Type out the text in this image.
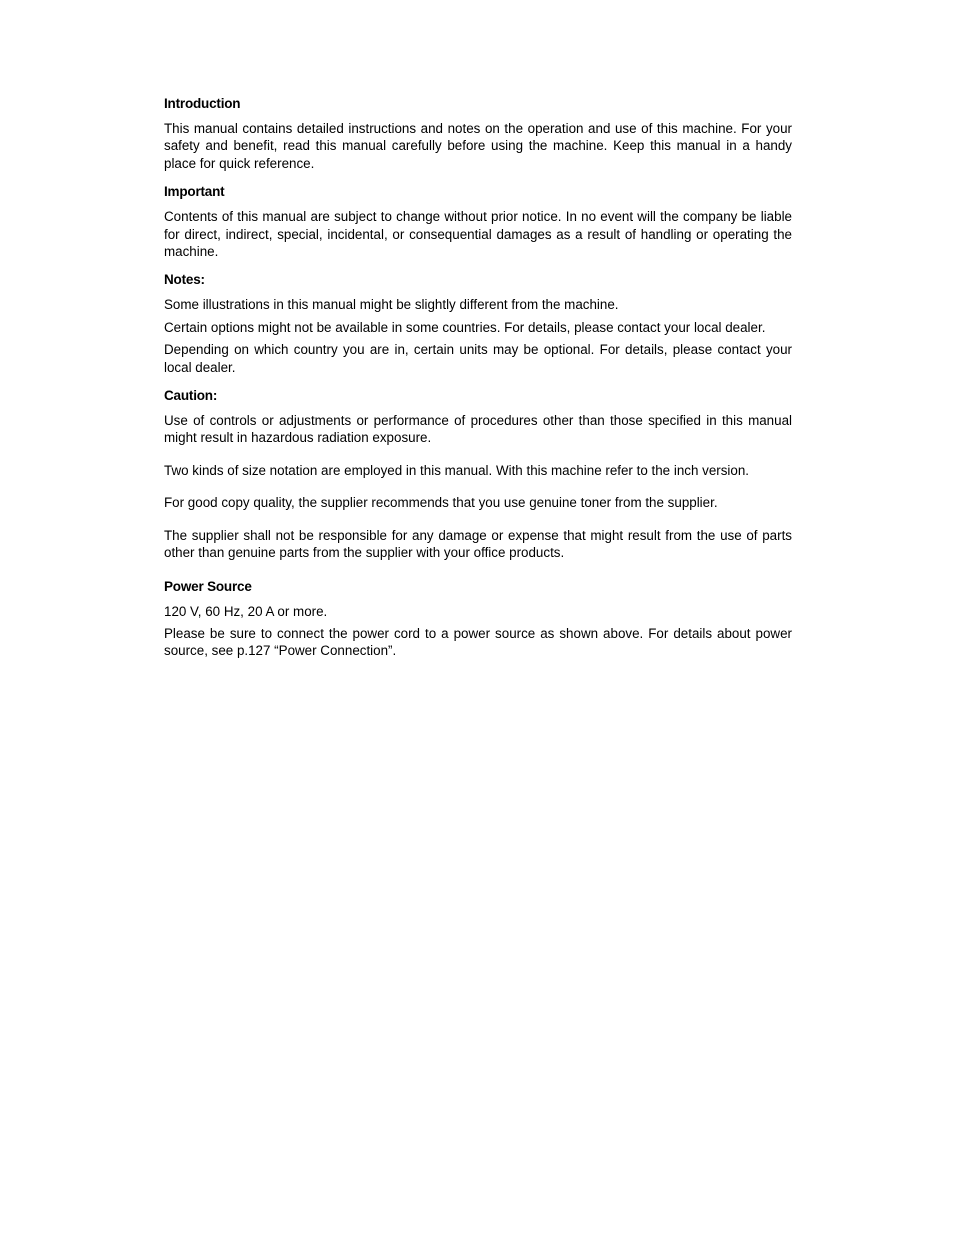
Introduction
This manual contains detailed instructions and notes on the operation and use of this machine. For your safety and benefit, read this manual carefully before using the machine. Keep this manual in a handy place for quick reference.
Important
Contents of this manual are subject to change without prior notice. In no event will the company be liable for direct, indirect, special, incidental, or consequential damages as a result of handling or operating the machine.
Notes:
Some illustrations in this manual might be slightly different from the machine.
Certain options might not be available in some countries. For details, please contact your local dealer.
Depending on which country you are in, certain units may be optional. For details, please contact your local dealer.
Caution:
Use of controls or adjustments or performance of procedures other than those specified in this manual might result in hazardous radiation exposure.
Two kinds of size notation are employed in this manual. With this machine refer to the inch version.
For good copy quality, the supplier recommends that you use genuine toner from the supplier.
The supplier shall not be responsible for any damage or expense that might result from the use of parts other than genuine parts from the supplier with your office products.
Power Source
120 V, 60 Hz, 20 A or more.
Please be sure to connect the power cord to a power source as shown above. For details about power source, see p.127 “Power Connection”.
